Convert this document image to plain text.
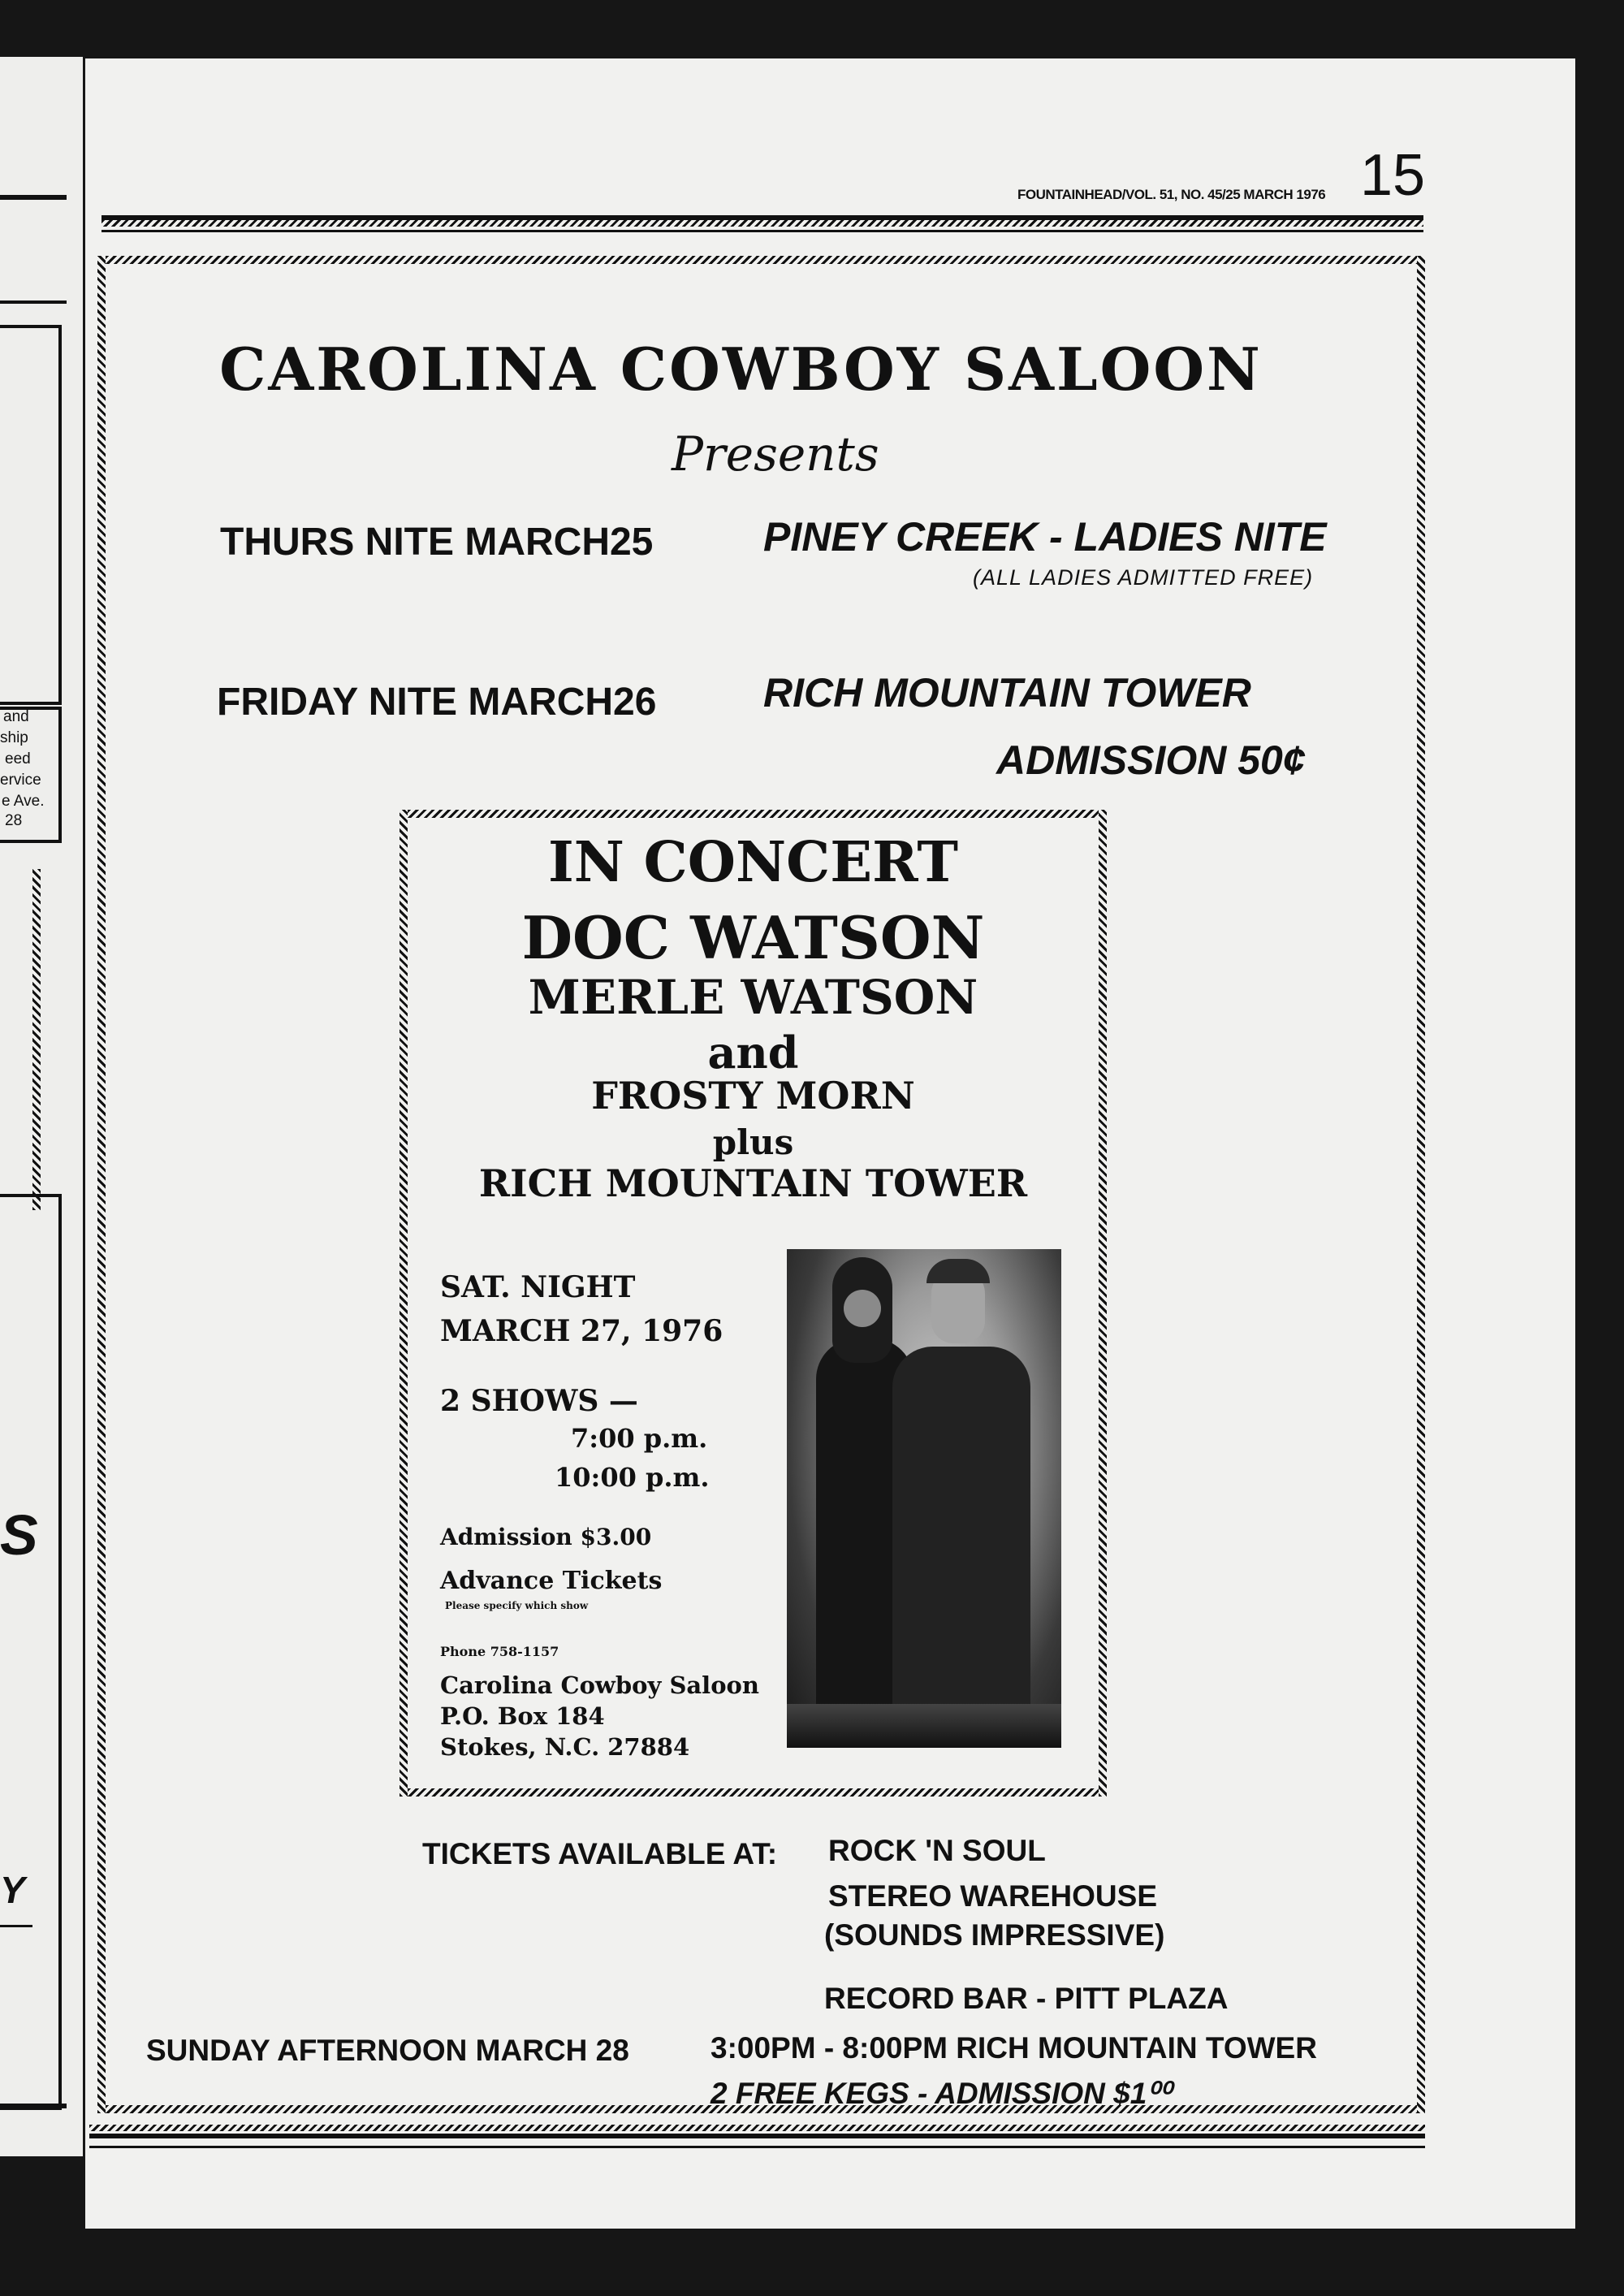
and
ship
eed
ervice
e Ave.
28
S
Y
FOUNTAINHEAD/VOL. 51, NO. 45/25 MARCH 1976 15
CAROLINA COWBOY SALOON
Presents
THURS NITE MARCH25	PINEY CREEK - LADIES NITE
(ALL LADIES ADMITTED FREE)
FRIDAY NITE MARCH26	RICH MOUNTAIN TOWER
ADMISSION 50¢
IN CONCERT
DOC WATSON
MERLE WATSON
and
FROSTY MORN
plus
RICH MOUNTAIN TOWER
SAT. NIGHT
MARCH 27, 1976
2 SHOWS —
7:00 p.m.
10:00 p.m.
Admission $3.00
Advance Tickets
Please specify which show
Phone 758-1157
Carolina Cowboy Saloon
P.O. Box 184
Stokes, N.C. 27884
TICKETS AVAILABLE AT: ROCK 'N SOUL
STEREO WAREHOUSE
(SOUNDS IMPRESSIVE)
RECORD BAR - PITT PLAZA
SUNDAY AFTERNOON MARCH 28	3:00PM - 8:00PM RICH MOUNTAIN TOWER
2 FREE KEGS - ADMISSION $1⁰⁰
